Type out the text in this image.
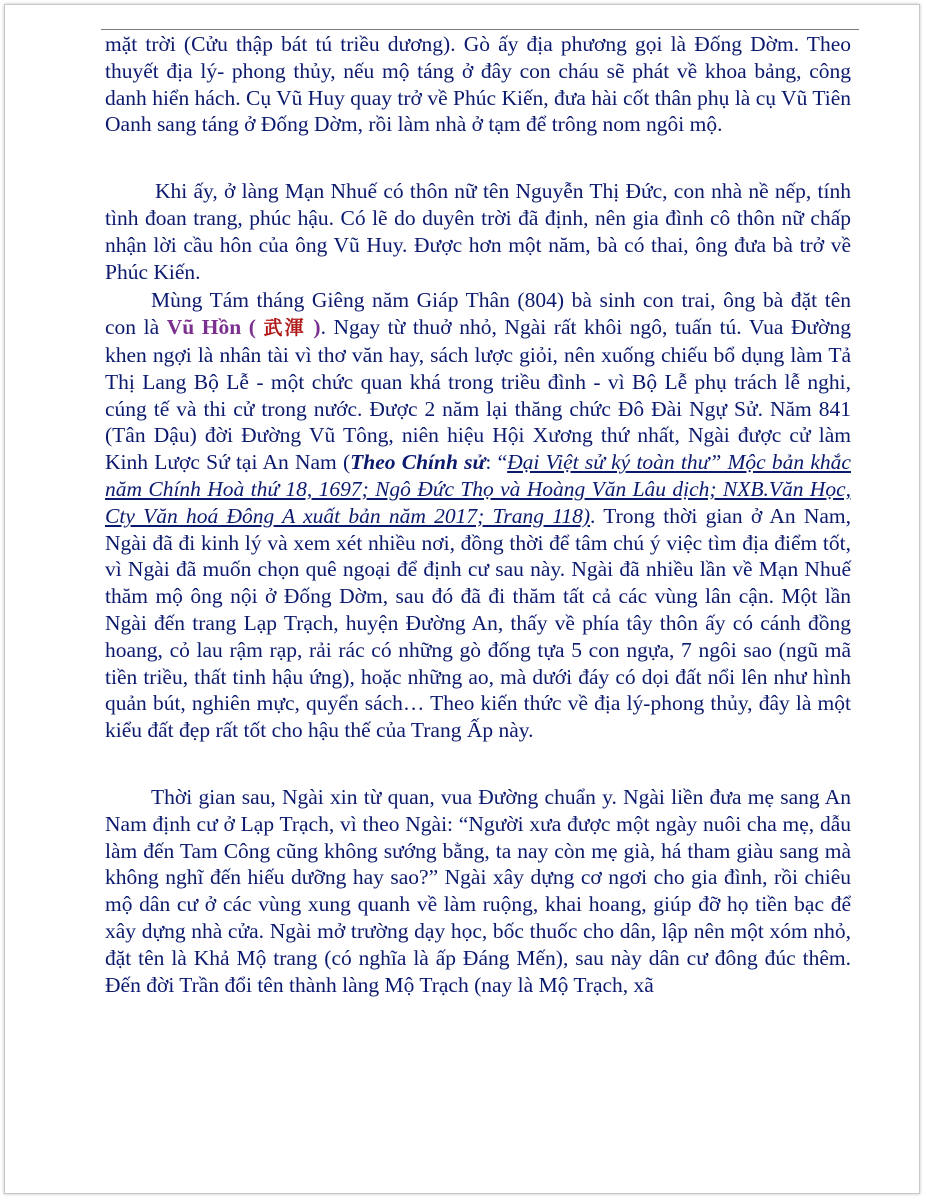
mặt trời (Cửu thập bát tú triều dương). Gò ấy địa phương gọi là Đống Dờm. Theo thuyết địa lý- phong thủy, nếu mộ táng ở đây con cháu sẽ phát về khoa bảng, công danh hiển hách. Cụ Vũ Huy quay trở về Phúc Kiến, đưa hài cốt thân phụ là cụ Vũ Tiên Oanh sang táng ở Đống Dờm, rồi làm nhà ở tạm để trông nom ngôi mộ.

Khi ấy, ở làng Mạn Nhuế có thôn nữ tên Nguyễn Thị Đức, con nhà nề nếp, tính tình đoan trang, phúc hậu. Có lẽ do duyên trời đã định, nên gia đình cô thôn nữ chấp nhận lời cầu hôn của ông Vũ Huy. Được hơn một năm, bà có thai, ông đưa bà trở về Phúc Kiến.

Mùng Tám tháng Giêng năm Giáp Thân (804) bà sinh con trai, ông bà đặt tên con là Vũ Hồn ( 武渾 ). Ngay từ thuở nhỏ, Ngài rất khôi ngô, tuấn tú. Vua Đường khen ngợi là nhân tài vì thơ văn hay, sách lược giỏi, nên xuống chiếu bổ dụng làm Tả Thị Lang Bộ Lễ - một chức quan khá trong triều đình - vì Bộ Lễ phụ trách lễ nghi, cúng tế và thi cử trong nước. Được 2 năm lại thăng chức Đô Đài Ngự Sử. Năm 841 (Tân Dậu) đời Đường Vũ Tông, niên hiệu Hội Xương thứ nhất, Ngài được cử làm Kinh Lược Sứ tại An Nam (Theo Chính sử: “Đại Việt sử ký toàn thư” Mộc bản khắc năm Chính Hoà thứ 18, 1697; Ngô Đức Thọ và Hoàng Văn Lâu dịch; NXB.Văn Học, Cty Văn hoá Đông A xuất bản năm 2017; Trang 118). Trong thời gian ở An Nam, Ngài đã đi kinh lý và xem xét nhiều nơi, đồng thời để tâm chú ý việc tìm địa điểm tốt, vì Ngài đã muốn chọn quê ngoại để định cư sau này. Ngài đã nhiều lần về Mạn Nhuế thăm mộ ông nội ở Đống Dờm, sau đó đã đi thăm tất cả các vùng lân cận. Một lần Ngài đến trang Lạp Trạch, huyện Đường An, thấy về phía tây thôn ấy có cánh đồng hoang, cỏ lau rậm rạp, rải rác có những gò đống tựa 5 con ngựa, 7 ngôi sao (ngũ mã tiền triều, thất tinh hậu ứng), hoặc những ao, mà dưới đáy có dọi đất nổi lên như hình quản bút, nghiên mực, quyển sách… Theo kiến thức về địa lý-phong thủy, đây là một kiểu đất đẹp rất tốt cho hậu thế của Trang Ấp này.

Thời gian sau, Ngài xin từ quan, vua Đường chuẩn y. Ngài liền đưa mẹ sang An Nam định cư ở Lạp Trạch, vì theo Ngài: “Người xưa được một ngày nuôi cha mẹ, dẫu làm đến Tam Công cũng không sướng bằng, ta nay còn mẹ già, há tham giàu sang mà không nghĩ đến hiếu dưỡng hay sao?” Ngài xây dựng cơ ngơi cho gia đình, rồi chiêu mộ dân cư ở các vùng xung quanh về làm ruộng, khai hoang, giúp đỡ họ tiền bạc để xây dựng nhà cửa. Ngài mở trường dạy học, bốc thuốc cho dân, lập nên một xóm nhỏ, đặt tên là Khả Mộ trang (có nghĩa là ấp Đáng Mến), sau này dân cư đông đúc thêm. Đến đời Trần đổi tên thành làng Mộ Trạch (nay là Mộ Trạch, xã
